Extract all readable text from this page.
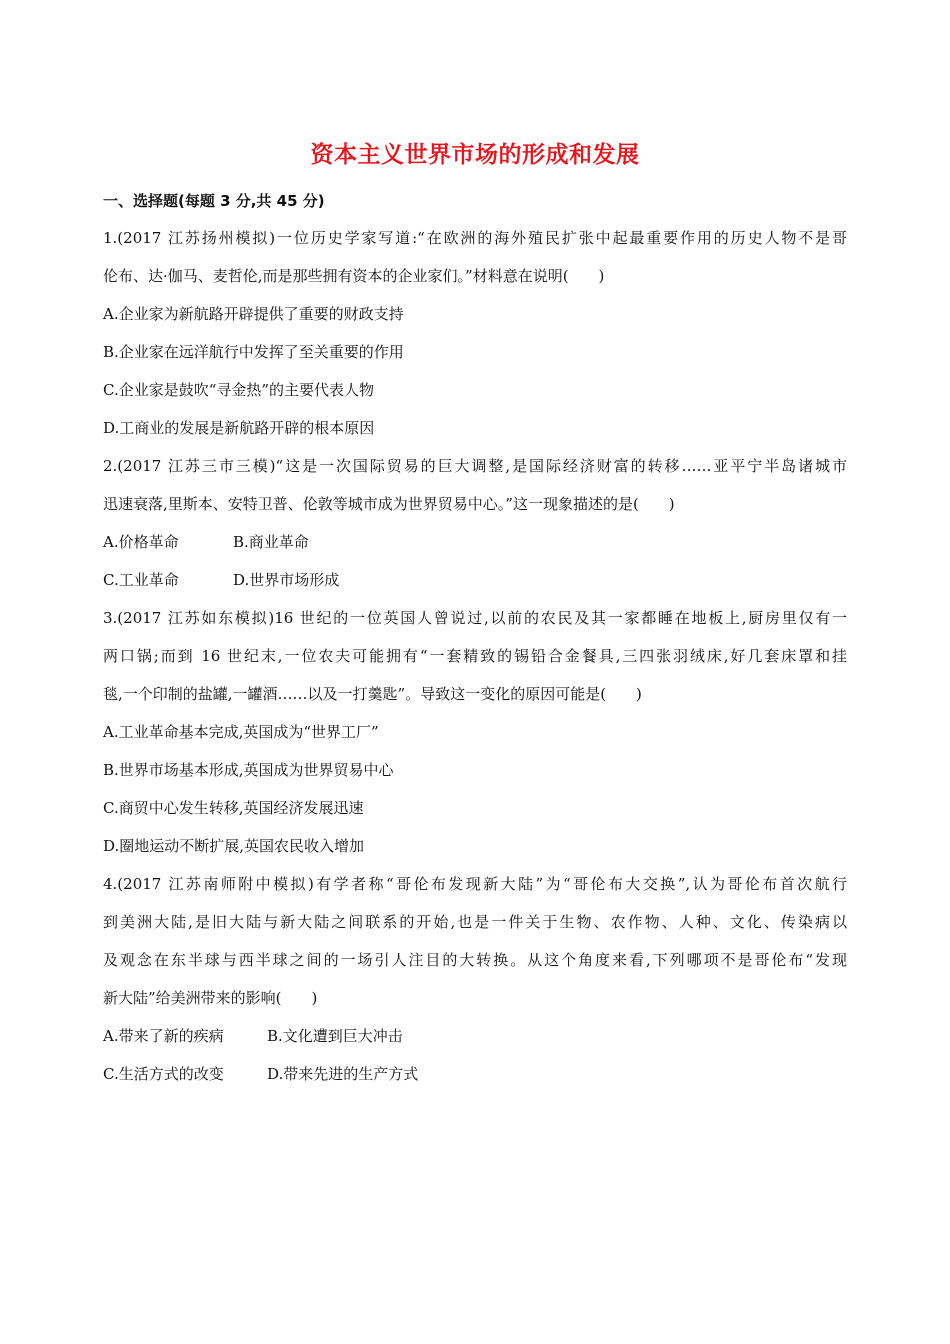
资本主义世界市场的形成和发展
一、选择题(每题 3 分,共 45 分)
1.(2017 江苏扬州模拟)一位历史学家写道:“在欧洲的海外殖民扩张中起最重要作用的历史人物不是哥
伦布、达·伽马、麦哲伦,而是那些拥有资本的企业家们。”材料意在说明(　　)
A.企业家为新航路开辟提供了重要的财政支持
B.企业家在远洋航行中发挥了至关重要的作用
C.企业家是鼓吹“寻金热”的主要代表人物
D.工商业的发展是新航路开辟的根本原因
2.(2017 江苏三市三模)“这是一次国际贸易的巨大调整,是国际经济财富的转移……亚平宁半岛诸城市
迅速衰落,里斯本、安特卫普、伦敦等城市成为世界贸易中心。”这一现象描述的是(　　)
A.价格革命	B.商业革命
C.工业革命	D.世界市场形成
3.(2017 江苏如东模拟)16 世纪的一位英国人曾说过,以前的农民及其一家都睡在地板上,厨房里仅有一
两口锅;而到 16 世纪末,一位农夫可能拥有“一套精致的锡铅合金餐具,三四张羽绒床,好几套床罩和挂
毯,一个印制的盐罐,一罐酒……以及一打羹匙”。导致这一变化的原因可能是(　　)
A.工业革命基本完成,英国成为“世界工厂”
B.世界市场基本形成,英国成为世界贸易中心
C.商贸中心发生转移,英国经济发展迅速
D.圈地运动不断扩展,英国农民收入增加
4.(2017 江苏南师附中模拟)有学者称“哥伦布发现新大陆”为“哥伦布大交换”,认为哥伦布首次航行
到美洲大陆,是旧大陆与新大陆之间联系的开始,也是一件关于生物、农作物、人种、文化、传染病以
及观念在东半球与西半球之间的一场引人注目的大转换。从这个角度来看,下列哪项不是哥伦布“发现
新大陆”给美洲带来的影响(　　)
A.带来了新的疾病	B.文化遭到巨大冲击
C.生活方式的改变	D.带来先进的生产方式
